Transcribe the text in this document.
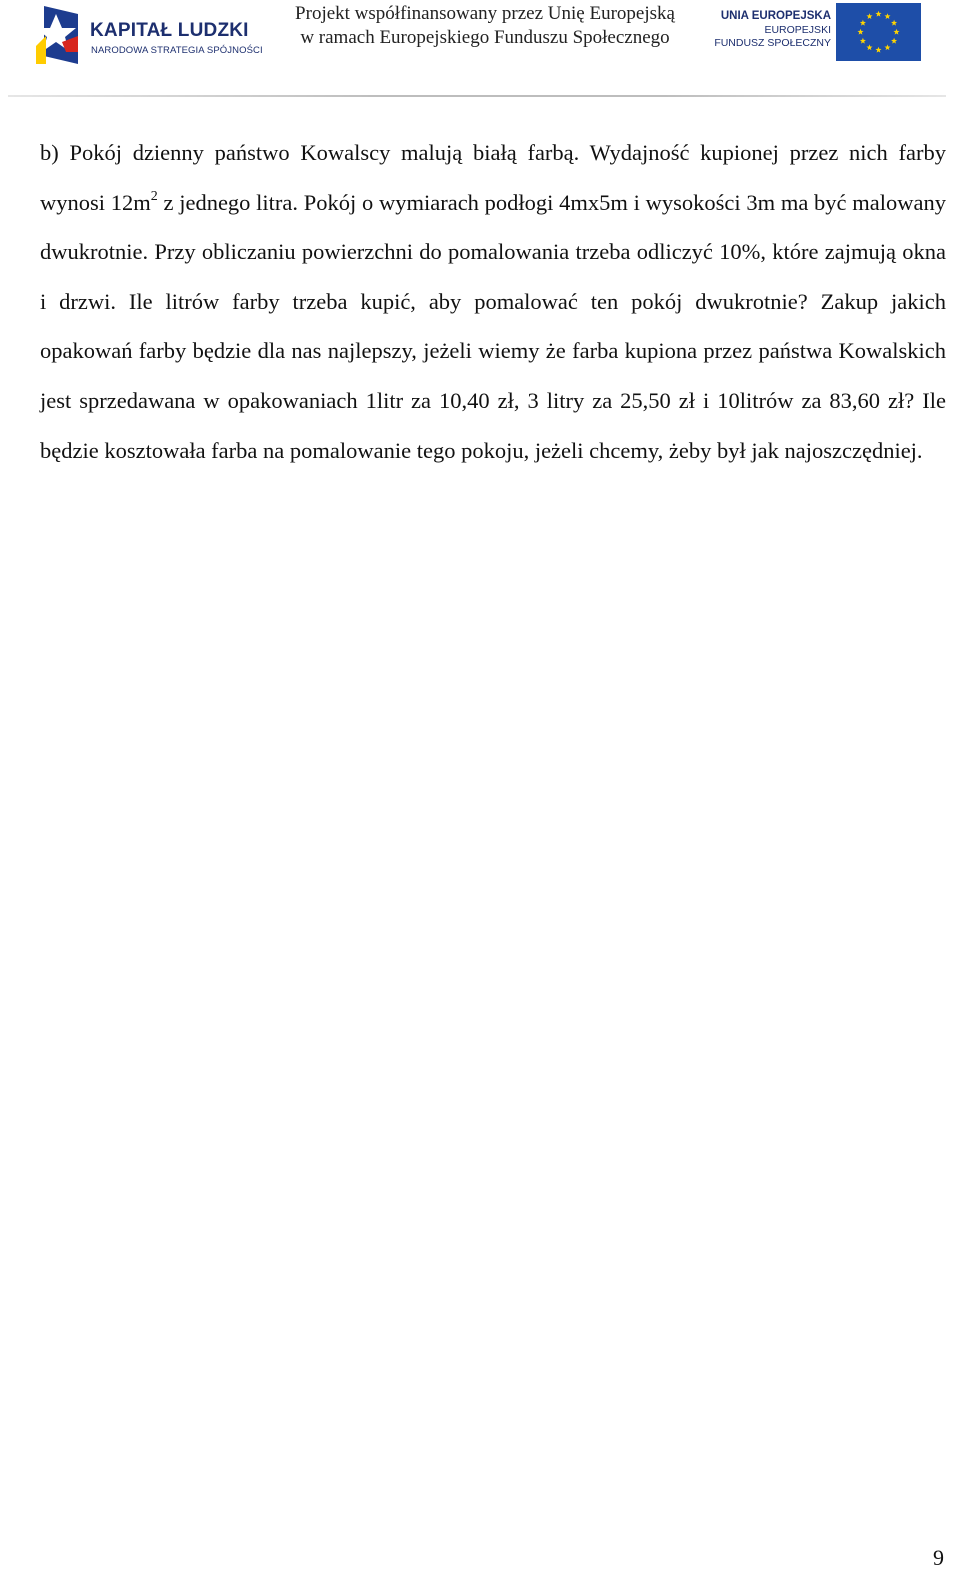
KAPITAŁ LUDZKI
NARODOWA STRATEGIA SPÓJNOŚCI
Projekt współfinansowany przez Unię Europejską
w ramach Europejskiego Funduszu Społecznego
UNIA EUROPEJSKA
EUROPEJSKI
FUNDUSZ SPOŁECZNY

b) Pokój dzienny państwo Kowalscy malują białą farbą. Wydajność kupionej przez nich farby wynosi $12m^2$ z jednego litra. Pokój o wymiarach podłogi 4mx5m i wysokości 3m ma być malowany dwukrotnie. Przy obliczaniu powierzchni do pomalowania trzeba odliczyć 10%, które zajmują okna i drzwi. Ile litrów farby trzeba kupić, aby pomalować ten pokój dwukrotnie? Zakup jakich opakowań farby będzie dla nas najlepszy, jeżeli wiemy że farba kupiona przez państwa Kowalskich jest sprzedawana w opakowaniach 1litr za 10,40 zł, 3 litry za 25,50 zł i 10litrów za 83,60 zł? Ile będzie kosztowała farba na pomalowanie tego pokoju, jeżeli chcemy, żeby był jak najoszczędniej.

9
